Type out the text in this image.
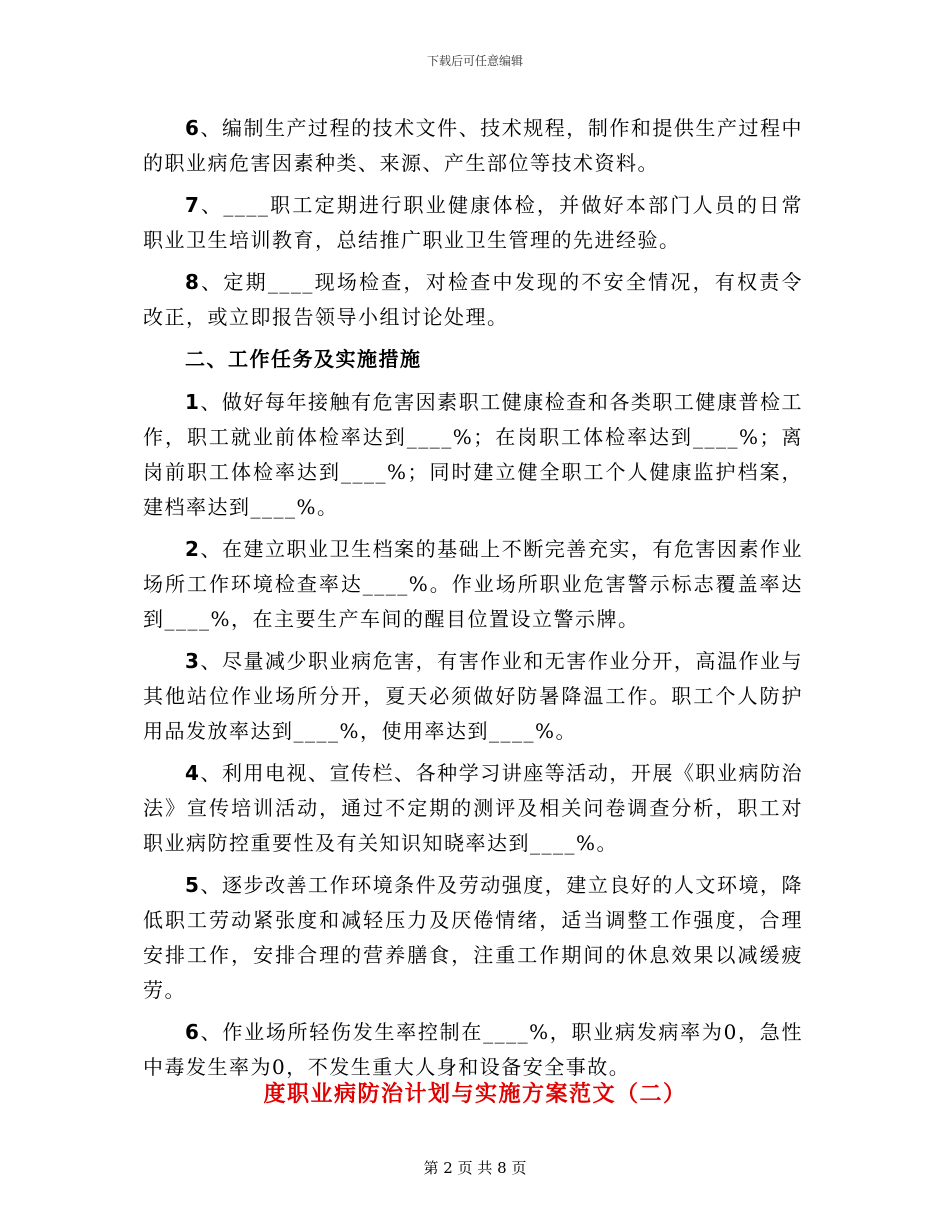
下载后可任意编辑

6、编制生产过程的技术文件、技术规程，制作和提供生产过程中的职业病危害因素种类、来源、产生部位等技术资料。

7、____职工定期进行职业健康体检，并做好本部门人员的日常职业卫生培训教育，总结推广职业卫生管理的先进经验。

8、定期____现场检查，对检查中发现的不安全情况，有权责令改正，或立即报告领导小组讨论处理。

二、工作任务及实施措施

1、做好每年接触有危害因素职工健康检查和各类职工健康普检工作，职工就业前体检率达到____%；在岗职工体检率达到____%；离岗前职工体检率达到____%；同时建立健全职工个人健康监护档案，建档率达到____%。

2、在建立职业卫生档案的基础上不断完善充实，有危害因素作业场所工作环境检查率达____%。作业场所职业危害警示标志覆盖率达到____%，在主要生产车间的醒目位置设立警示牌。

3、尽量减少职业病危害，有害作业和无害作业分开，高温作业与其他站位作业场所分开，夏天必须做好防暑降温工作。职工个人防护用品发放率达到____%，使用率达到____%。

4、利用电视、宣传栏、各种学习讲座等活动，开展《职业病防治法》宣传培训活动，通过不定期的测评及相关问卷调查分析，职工对职业病防控重要性及有关知识知晓率达到____%。

5、逐步改善工作环境条件及劳动强度，建立良好的人文环境，降低职工劳动紧张度和减轻压力及厌倦情绪，适当调整工作强度，合理安排工作，安排合理的营养膳食，注重工作期间的休息效果以减缓疲劳。

6、作业场所轻伤发生率控制在____%，职业病发病率为0，急性中毒发生率为0，不发生重大人身和设备安全事故。

度职业病防治计划与实施方案范文（二）
第 2 页 共 8 页
